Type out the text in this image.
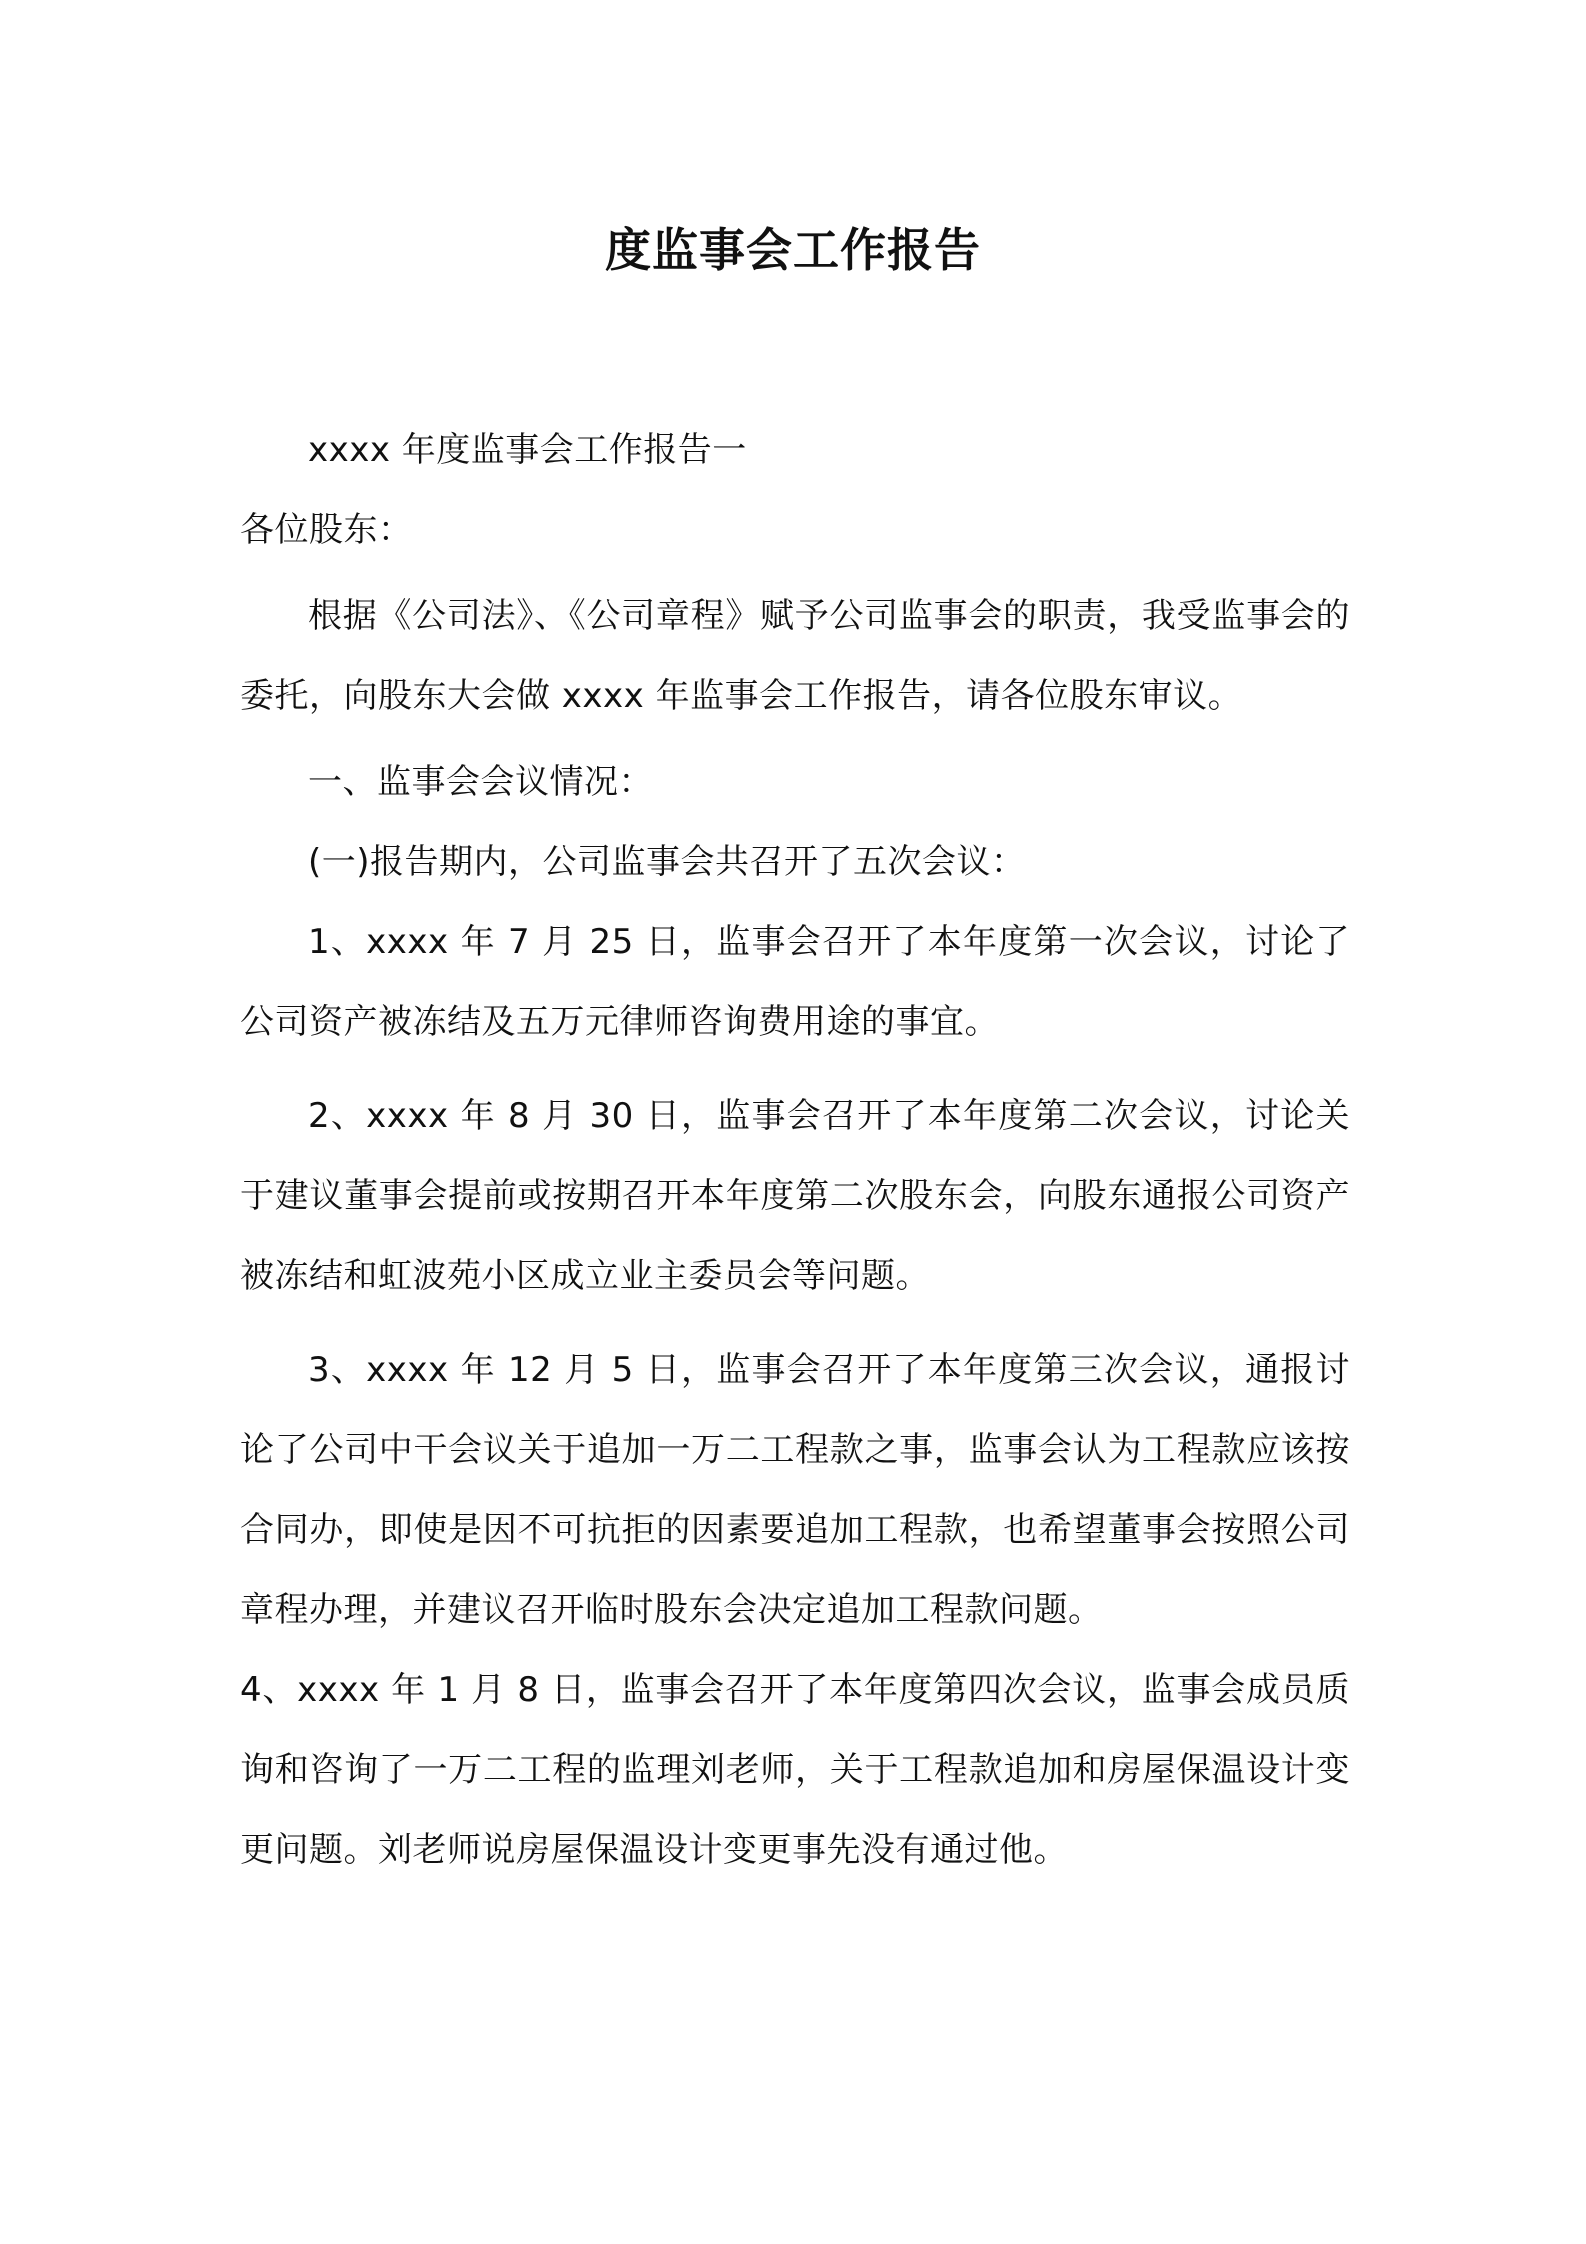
度监事会工作报告

xxxx 年度监事会工作报告一

各位股东：

根据《公司法》、《公司章程》赋予公司监事会的职责，我受监事会的委托，向股东大会做 xxxx 年监事会工作报告，请各位股东审议。

一、监事会会议情况：

(一)报告期内，公司监事会共召开了五次会议：

1、xxxx 年 7 月 25 日，监事会召开了本年度第一次会议，讨论了公司资产被冻结及五万元律师咨询费用途的事宜。

2、xxxx 年 8 月 30 日，监事会召开了本年度第二次会议，讨论关于建议董事会提前或按期召开本年度第二次股东会，向股东通报公司资产被冻结和虹波苑小区成立业主委员会等问题。

3、xxxx 年 12 月 5 日，监事会召开了本年度第三次会议，通报讨论了公司中干会议关于追加一万二工程款之事，监事会认为工程款应该按合同办，即使是因不可抗拒的因素要追加工程款，也希望董事会按照公司章程办理，并建议召开临时股东会决定追加工程款问题。

4、xxxx 年 1 月 8 日，监事会召开了本年度第四次会议，监事会成员质询和咨询了一万二工程的监理刘老师，关于工程款追加和房屋保温设计变更问题。刘老师说房屋保温设计变更事先没有通过他。
